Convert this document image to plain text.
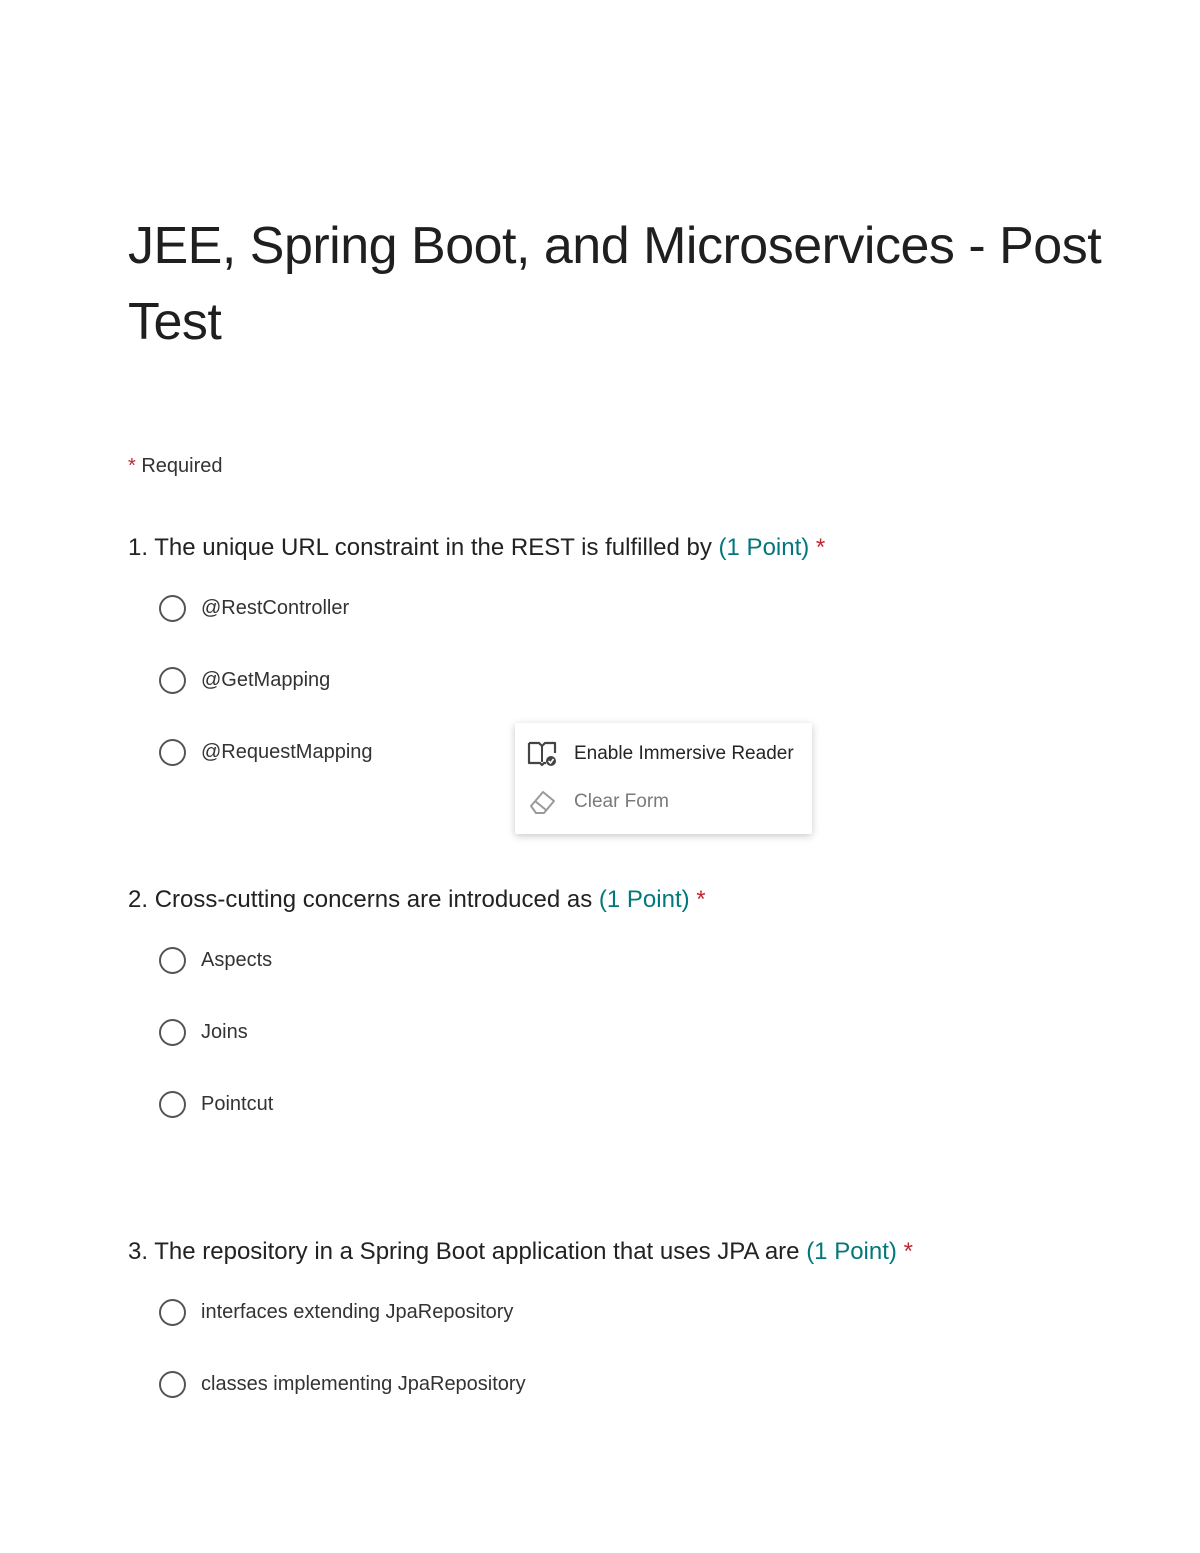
JEE, Spring Boot, and Microservices - Post Test
* Required
1. The unique URL constraint in the REST is fulfilled by (1 Point) *
@RestController
@GetMapping
@RequestMapping
2. Cross-cutting concerns are introduced as (1 Point) *
Aspects
Joins
Pointcut
3. The repository in a Spring Boot application that uses JPA are (1 Point) *
interfaces extending JpaRepository
classes implementing JpaRepository
Enable Immersive Reader
Clear Form
